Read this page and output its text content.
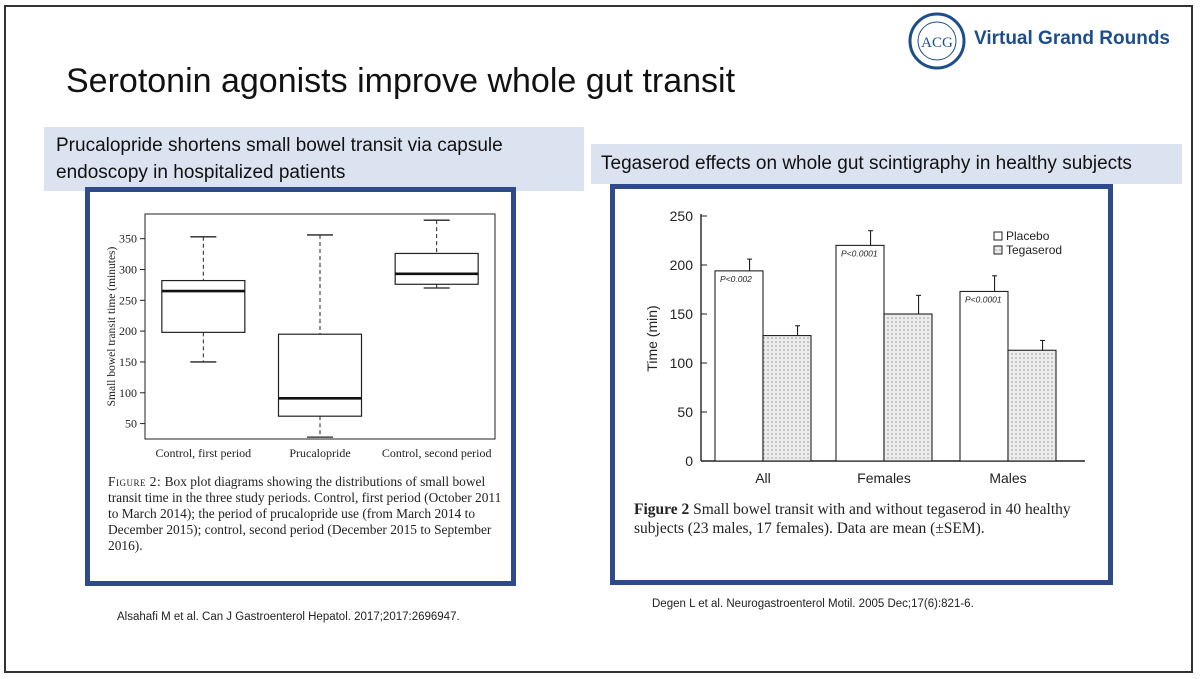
ACG Virtual Grand Rounds
Serotonin agonists improve whole gut transit
Prucalopride shortens small bowel transit via capsule endoscopy in hospitalized patients	Tegaserod effects on whole gut scintigraphy in healthy subjects
50
100
150
200
250
300
350
Small bowel transit time (minutes)
Control, first period	Prucalopride	Control, second period
Figure 2: Box plot diagrams showing the distributions of small bowel transit time in the three study periods. Control, first period (October 2011 to March 2014); the period of prucalopride use (from March 2014 to December 2015); control, second period (December 2015 to September 2016).
0
50
100
150
200
250
Time (min)
P<0.002
All
P<0.0001
Females
P<0.0001
Males
Placebo
Tegaserod
Figure 2 Small bowel transit with and without tegaserod in 40 healthy subjects (23 males, 17 females). Data are mean (±SEM).
Alsahafi M et al. Can J Gastroenterol Hepatol. 2017;2017:2696947.
Degen L et al. Neurogastroenterol Motil. 2005 Dec;17(6):821-6.
